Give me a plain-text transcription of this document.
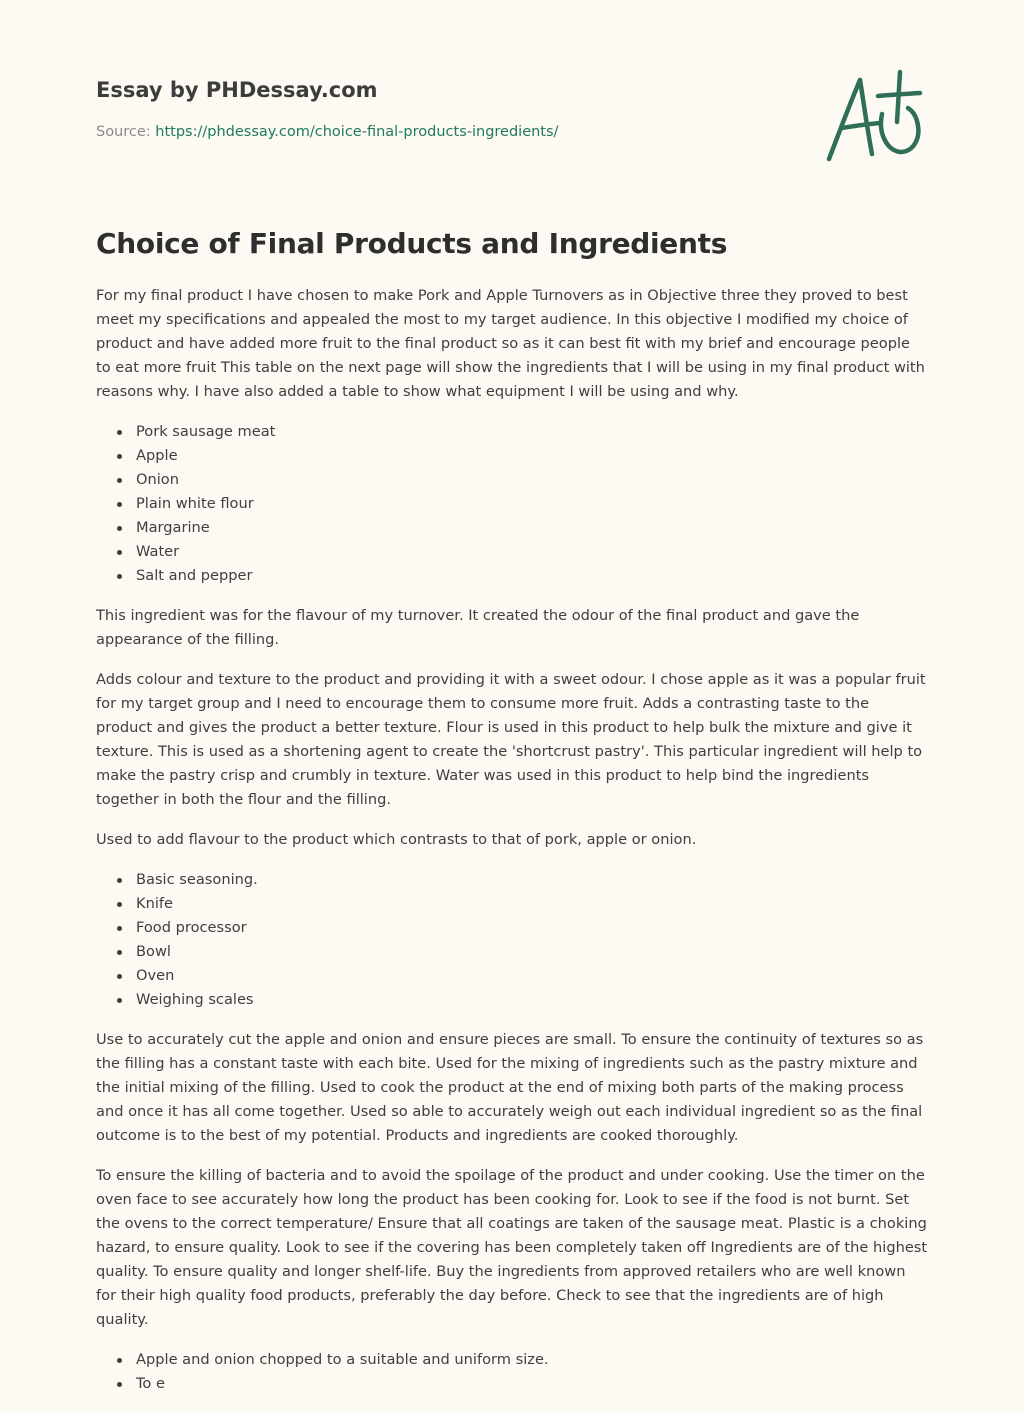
Essay by PHDessay.com
Source: https://phdessay.com/choice-final-products-ingredients/
Choice of Final Products and Ingredients

For my final product I have chosen to make Pork and Apple Turnovers as in Objective three they proved to best meet my specifications and appealed the most to my target audience. In this objective I modified my choice of product and have added more fruit to the final product so as it can best fit with my brief and encourage people to eat more fruit This table on the next page will show the ingredients that I will be using in my final product with reasons why. I have also added a table to show what equipment I will be using and why.

Pork sausage meat
Apple
Onion
Plain white flour
Margarine
Water
Salt and pepper

This ingredient was for the flavour of my turnover. It created the odour of the final product and gave the appearance of the filling.

Adds colour and texture to the product and providing it with a sweet odour. I chose apple as it was a popular fruit for my target group and I need to encourage them to consume more fruit. Adds a contrasting taste to the product and gives the product a better texture. Flour is used in this product to help bulk the mixture and give it texture. This is used as a shortening agent to create the 'shortcrust pastry'. This particular ingredient will help to make the pastry crisp and crumbly in texture. Water was used in this product to help bind the ingredients together in both the flour and the filling.

Used to add flavour to the product which contrasts to that of pork, apple or onion.

Basic seasoning.
Knife
Food processor
Bowl
Oven
Weighing scales

Use to accurately cut the apple and onion and ensure pieces are small. To ensure the continuity of textures so as the filling has a constant taste with each bite. Used for the mixing of ingredients such as the pastry mixture and the initial mixing of the filling. Used to cook the product at the end of mixing both parts of the making process and once it has all come together. Used so able to accurately weigh out each individual ingredient so as the final outcome is to the best of my potential. Products and ingredients are cooked thoroughly.

To ensure the killing of bacteria and to avoid the spoilage of the product and under cooking. Use the timer on the oven face to see accurately how long the product has been cooking for. Look to see if the food is not burnt. Set the ovens to the correct temperature/ Ensure that all coatings are taken of the sausage meat. Plastic is a choking hazard, to ensure quality. Look to see if the covering has been completely taken off Ingredients are of the highest quality. To ensure quality and longer shelf-life. Buy the ingredients from approved retailers who are well known for their high quality food products, preferably the day before. Check to see that the ingredients are of high quality.

Apple and onion chopped to a suitable and uniform size.
To e
